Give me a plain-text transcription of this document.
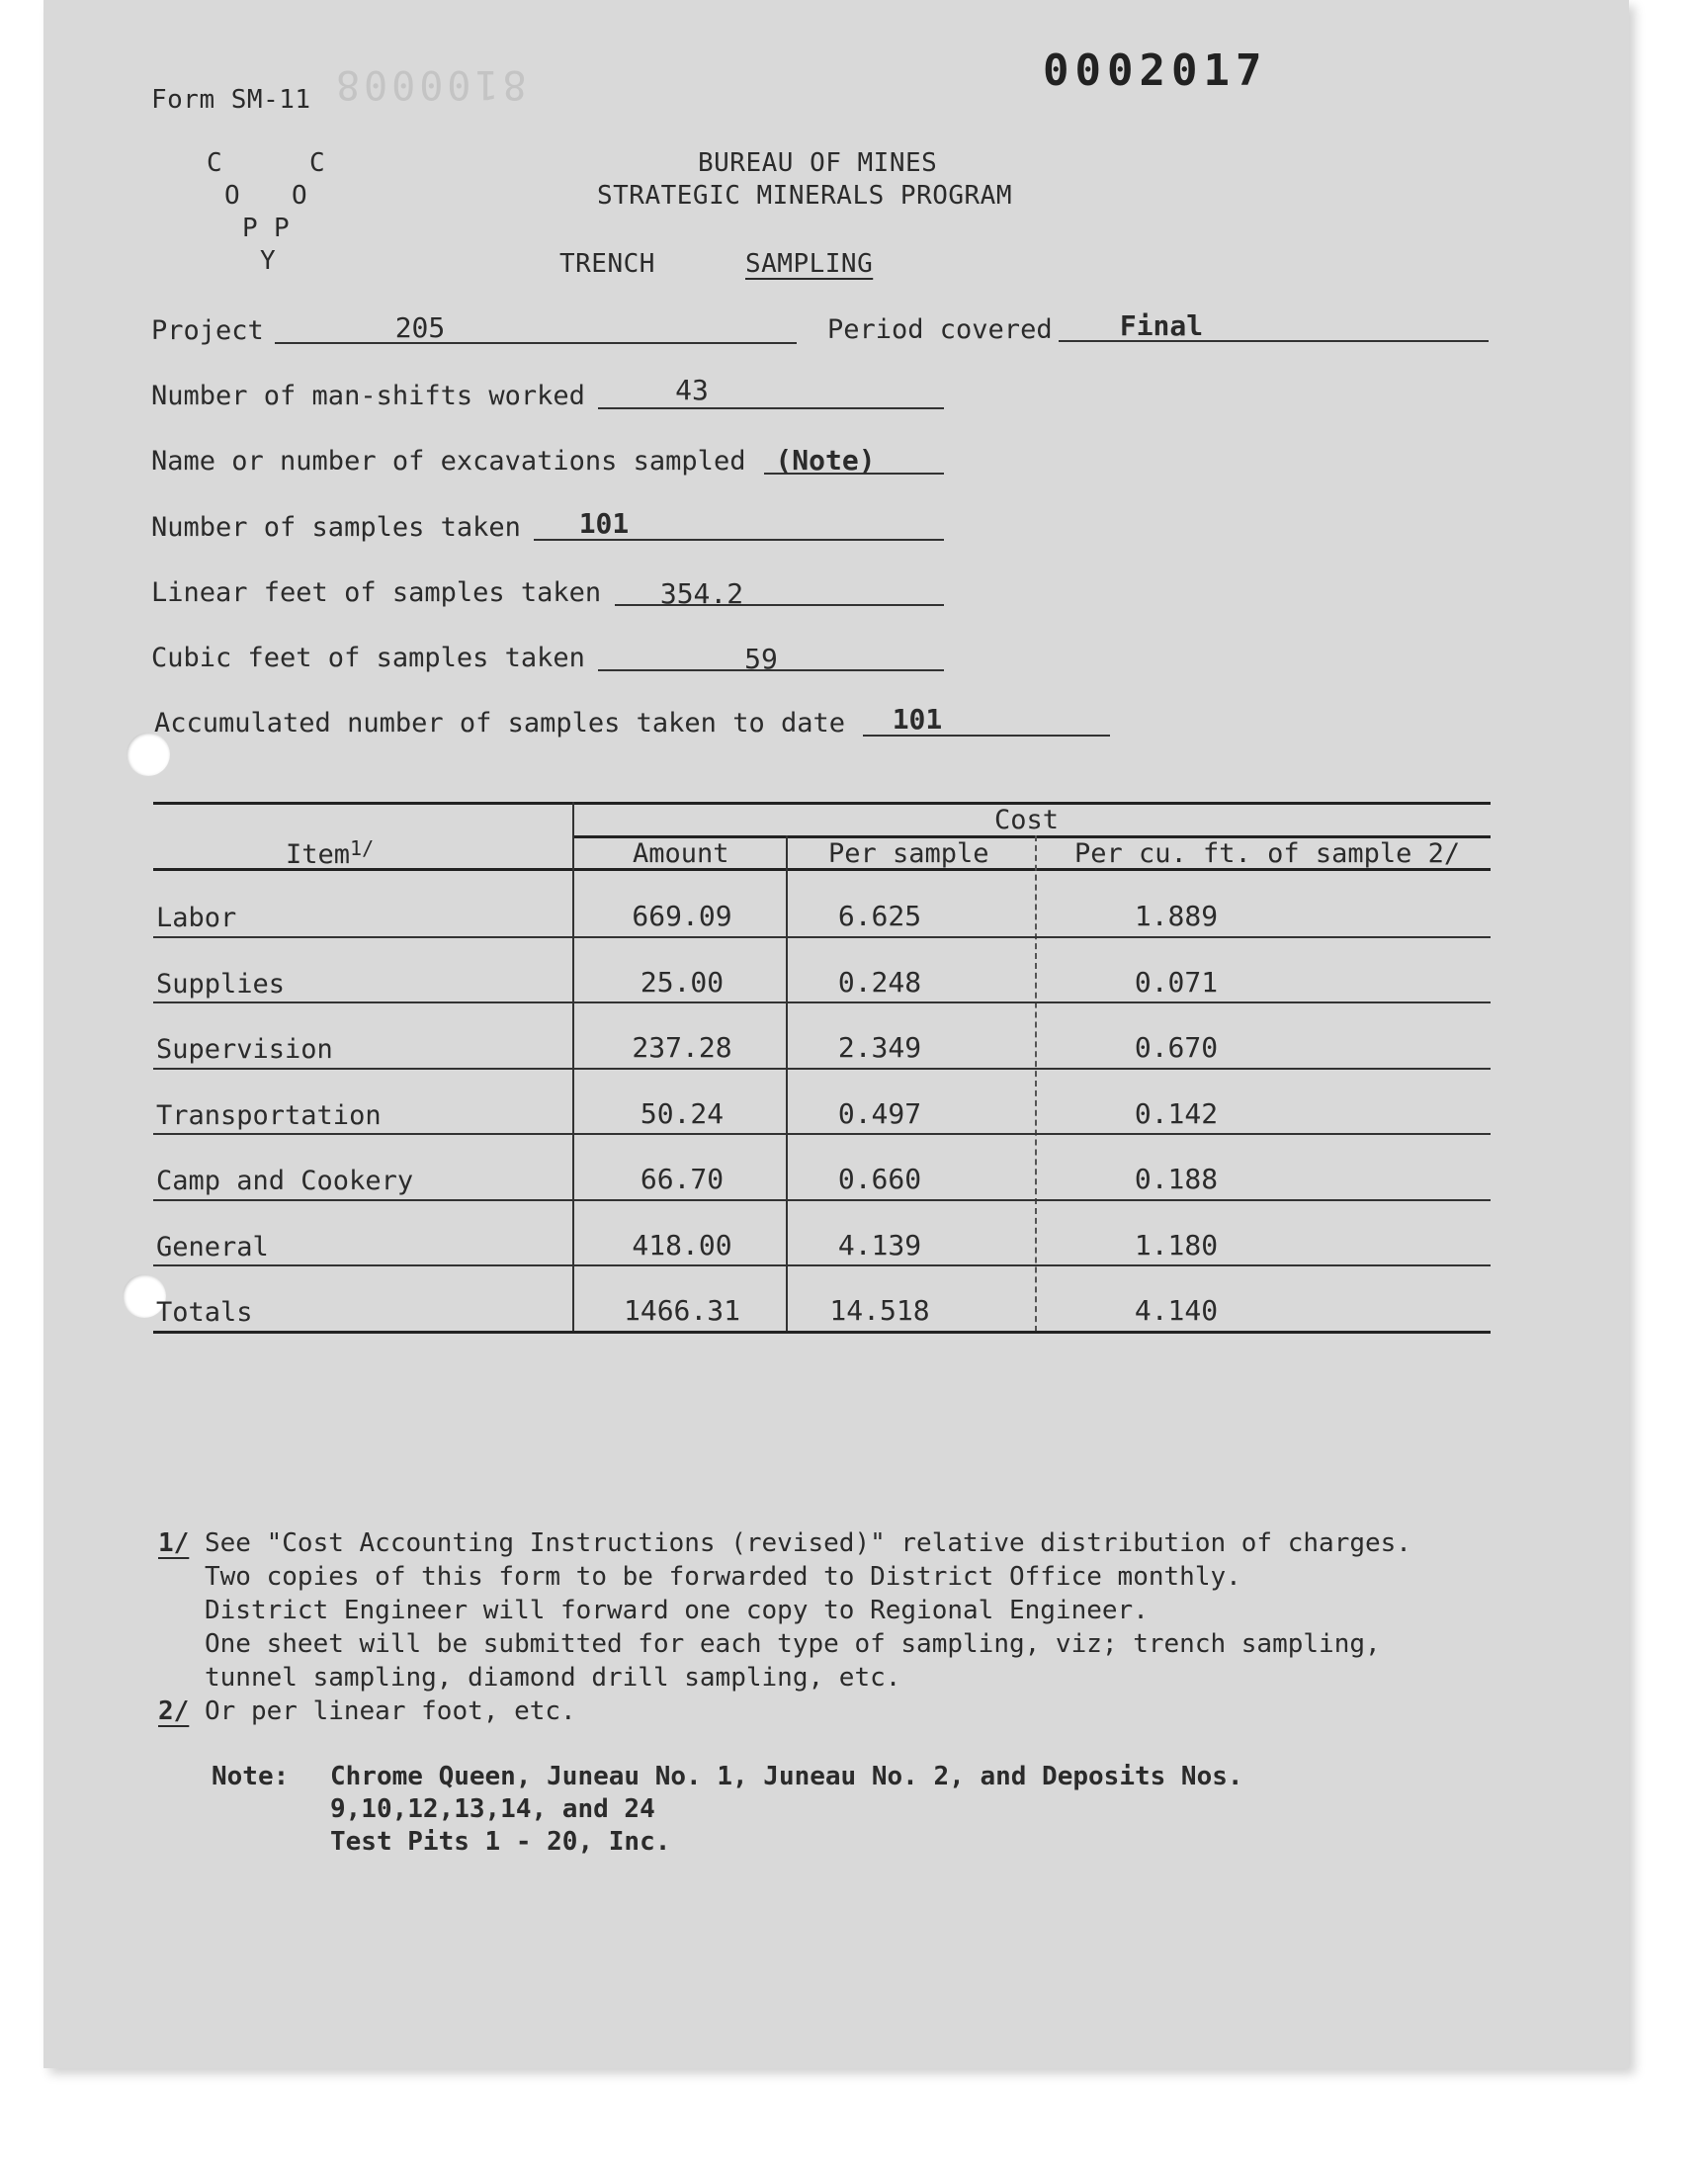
Form SM-11
0002017
8100008

C

	C

O

O

P

P

Y

BUREAU OF MINES
STRATEGIC MINERALS PROGRAM
TRENCH	SAMPLING
Project	205	Period covered	Final
Number of man-shifts worked	43
Name or number of excavations sampled (Note)
Number of samples taken	101
Linear feet of samples taken 354.2
Cubic feet of samples taken	59
Accumulated number of samples taken to date	101
Cost
Item$^{1/}$	Amount	Per sample	Per cu. ft. of sample 2/
Labor	669.09	6.625	1.889
Supplies	25.00	0.248	0.071
Supervision	237.28	2.349	0.670
Transportation	50.24	0.497	0.142
Camp and Cookery	66.70	0.660	0.188
General	418.00	4.139	1.180
Totals	1466.31	14.518	4.140
1/ See "Cost Accounting Instructions (revised)" relative distribution of charges.
Two copies of this form to be forwarded to District Office monthly.
District Engineer will forward one copy to Regional Engineer.
One sheet will be submitted for each type of sampling, viz; trench sampling,
tunnel sampling, diamond drill sampling, etc.
2/ Or per linear foot, etc.
Note: Chrome Queen, Juneau No. 1, Juneau No. 2, and Deposits Nos.
9,10,12,13,14, and 24
Test Pits 1 - 20, Inc.
